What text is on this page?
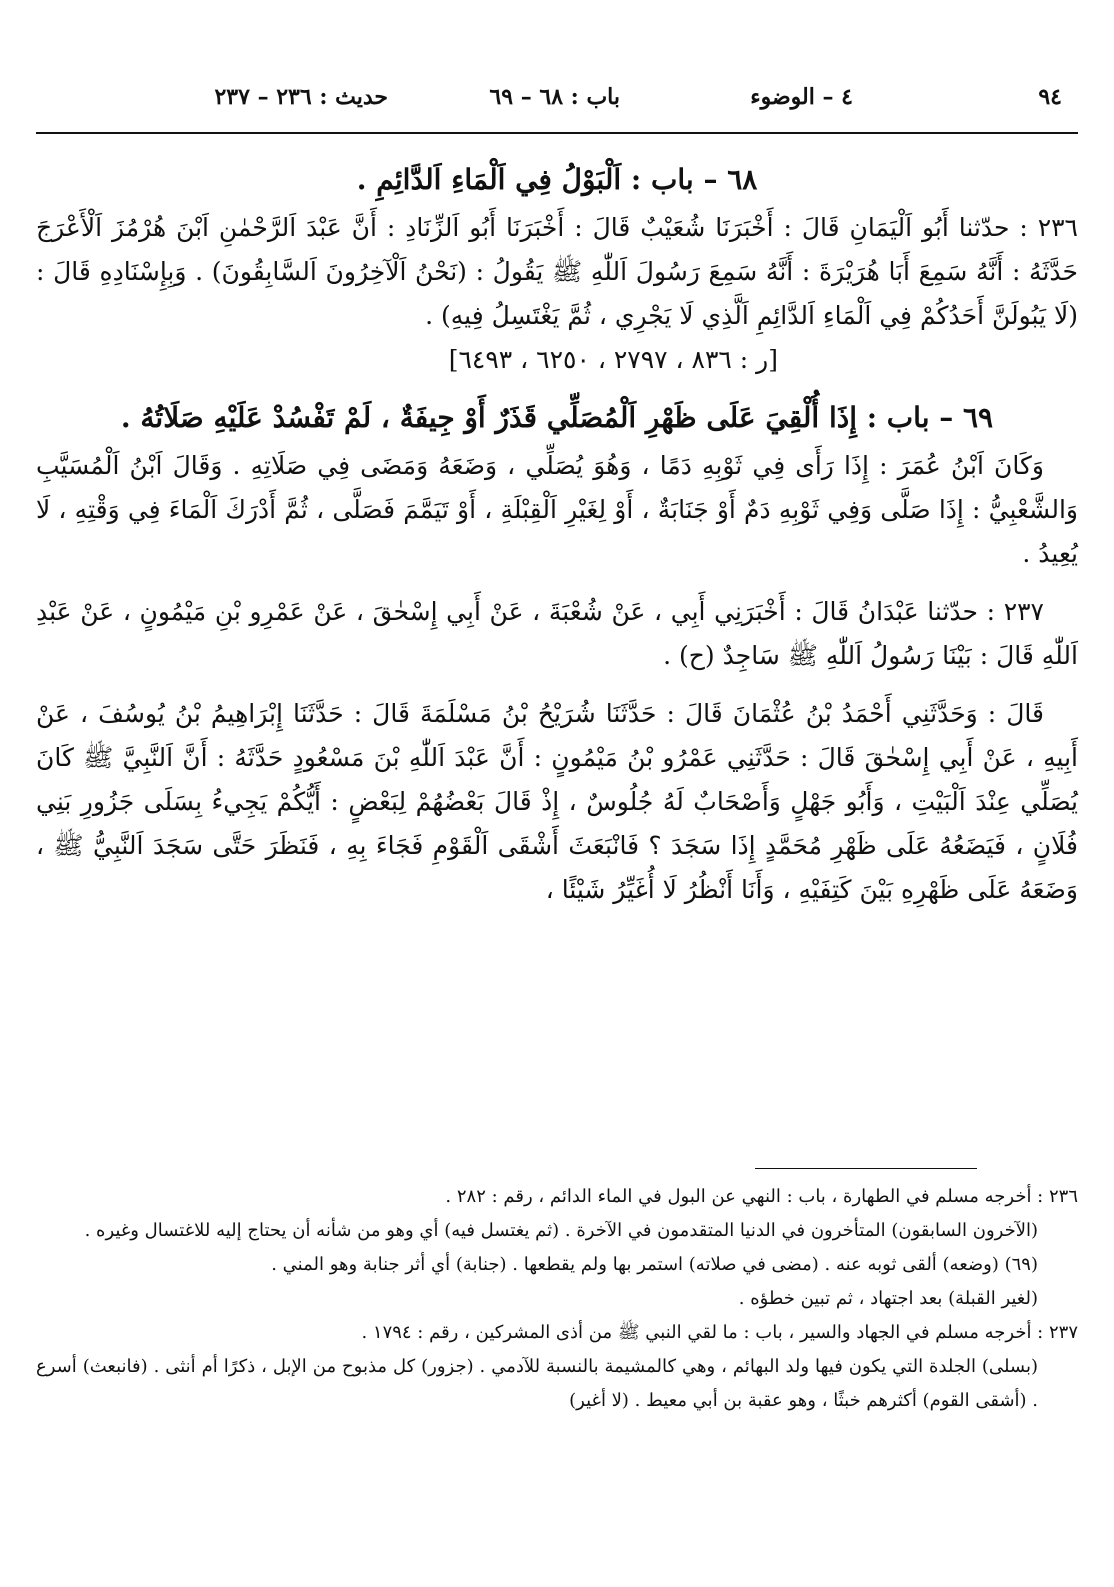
٩٤
٤ – الوضوء
باب : ٦٨ – ٦٩
حديث : ٢٣٦ – ٢٣٧

٦٨ – باب : اَلْبَوْلُ فِي اَلْمَاءِ اَلدَّائِمِ .

٢٣٦ : حدّثنا أَبُو اَلْيَمَانِ قَالَ : أَخْبَرَنَا شُعَيْبٌ قَالَ : أَخْبَرَنَا أَبُو اَلزِّنَادِ : أَنَّ عَبْدَ اَلرَّحْمٰنِ اَبْنَ هُرْمُزَ اَلْأَعْرَجَ حَدَّثَهُ : أَنَّهُ سَمِعَ أَبَا هُرَيْرَةَ : أَنَّهُ سَمِعَ رَسُولَ اَللّٰهِ ﷺ يَقُولُ : (نَحْنُ اَلْآخِرُونَ اَلسَّابِقُونَ) . وَبِإِسْنَادِهِ قَالَ : (لَا يَبُولَنَّ أَحَدُكُمْ فِي اَلْمَاءِ اَلدَّائِمِ اَلَّذِي لَا يَجْرِي ، ثُمَّ يَغْتَسِلُ فِيهِ) .

[ر : ٨٣٦ ، ٢٧٩٧ ، ٦٢٥٠ ، ٦٤٩٣]

٦٩ – باب : إِذَا أُلْقِيَ عَلَى ظَهْرِ اَلْمُصَلِّي قَذَرٌ أَوْ جِيفَةٌ ، لَمْ تَفْسُدْ عَلَيْهِ صَلَاتُهُ .

وَكَانَ اَبْنُ عُمَرَ : إِذَا رَأَى فِي ثَوْبِهِ دَمًا ، وَهُوَ يُصَلِّي ، وَضَعَهُ وَمَضَى فِي صَلَاتِهِ . وَقَالَ اَبْنُ اَلْمُسَيَّبِ وَالشَّعْبِيُّ : إِذَا صَلَّى وَفِي ثَوْبِهِ دَمٌ أَوْ جَنَابَةٌ ، أَوْ لِغَيْرِ اَلْقِبْلَةِ ، أَوْ تَيَمَّمَ فَصَلَّى ، ثُمَّ أَدْرَكَ اَلْمَاءَ فِي وَقْتِهِ ، لَا يُعِيدُ .

٢٣٧ : حدّثنا عَبْدَانُ قَالَ : أَخْبَرَنِي أَبِي ، عَنْ شُعْبَةَ ، عَنْ أَبِي إِسْحٰقَ ، عَنْ عَمْرِو بْنِ مَيْمُونٍ ، عَنْ عَبْدِ اَللّٰهِ قَالَ : بَيْنَا رَسُولُ اَللّٰهِ ﷺ سَاجِدٌ (ح) .

قَالَ : وَحَدَّثَنِي أَحْمَدُ بْنُ عُثْمَانَ قَالَ : حَدَّثَنَا شُرَيْحُ بْنُ مَسْلَمَةَ قَالَ : حَدَّثَنَا إِبْرَاهِيمُ بْنُ يُوسُفَ ، عَنْ أَبِيهِ ، عَنْ أَبِي إِسْحٰقَ قَالَ : حَدَّثَنِي عَمْرُو بْنُ مَيْمُونٍ : أَنَّ عَبْدَ اَللّٰهِ بْنَ مَسْعُودٍ حَدَّثَهُ : أَنَّ اَلنَّبِيَّ ﷺ كَانَ يُصَلِّي عِنْدَ اَلْبَيْتِ ، وَأَبُو جَهْلٍ وَأَصْحَابٌ لَهُ جُلُوسٌ ، إِذْ قَالَ بَعْضُهُمْ لِبَعْضٍ : أَيُّكُمْ يَجِيءُ بِسَلَى جَزُورِ بَنِي فُلَانٍ ، فَيَضَعُهُ عَلَى ظَهْرِ مُحَمَّدٍ إِذَا سَجَدَ ؟ فَانْبَعَثَ أَشْقَى اَلْقَوْمِ فَجَاءَ بِهِ ، فَنَظَرَ حَتَّى سَجَدَ اَلنَّبِيُّ ﷺ ، وَضَعَهُ عَلَى ظَهْرِهِ بَيْنَ كَتِفَيْهِ ، وَأَنَا أَنْظُرُ لَا أُغَيِّرُ شَيْئًا ،

٢٣٦ : أخرجه مسلم في الطهارة ، باب : النهي عن البول في الماء الدائم ، رقم : ٢٨٢ .

(الآخرون السابقون) المتأخرون في الدنيا المتقدمون في الآخرة . (ثم يغتسل فيه) أي وهو من شأنه أن يحتاج إليه للاغتسال وغيره .

(٦٩) (وضعه) ألقى ثوبه عنه . (مضى في صلاته) استمر بها ولم يقطعها . (جنابة) أي أثر جنابة وهو المني .

(لغير القبلة) بعد اجتهاد ، ثم تبين خطؤه .

٢٣٧ : أخرجه مسلم في الجهاد والسير ، باب : ما لقي النبي ﷺ من أذى المشركين ، رقم : ١٧٩٤ .

(بسلى) الجلدة التي يكون فيها ولد البهائم ، وهي كالمشيمة بالنسبة للآدمي . (جزور) كل مذبوح من الإبل ، ذكرًا أم أنثى . (فانبعث) أسرع . (أشقى القوم) أكثرهم خبثًا ، وهو عقبة بن أبي معيط . (لا أغير)
